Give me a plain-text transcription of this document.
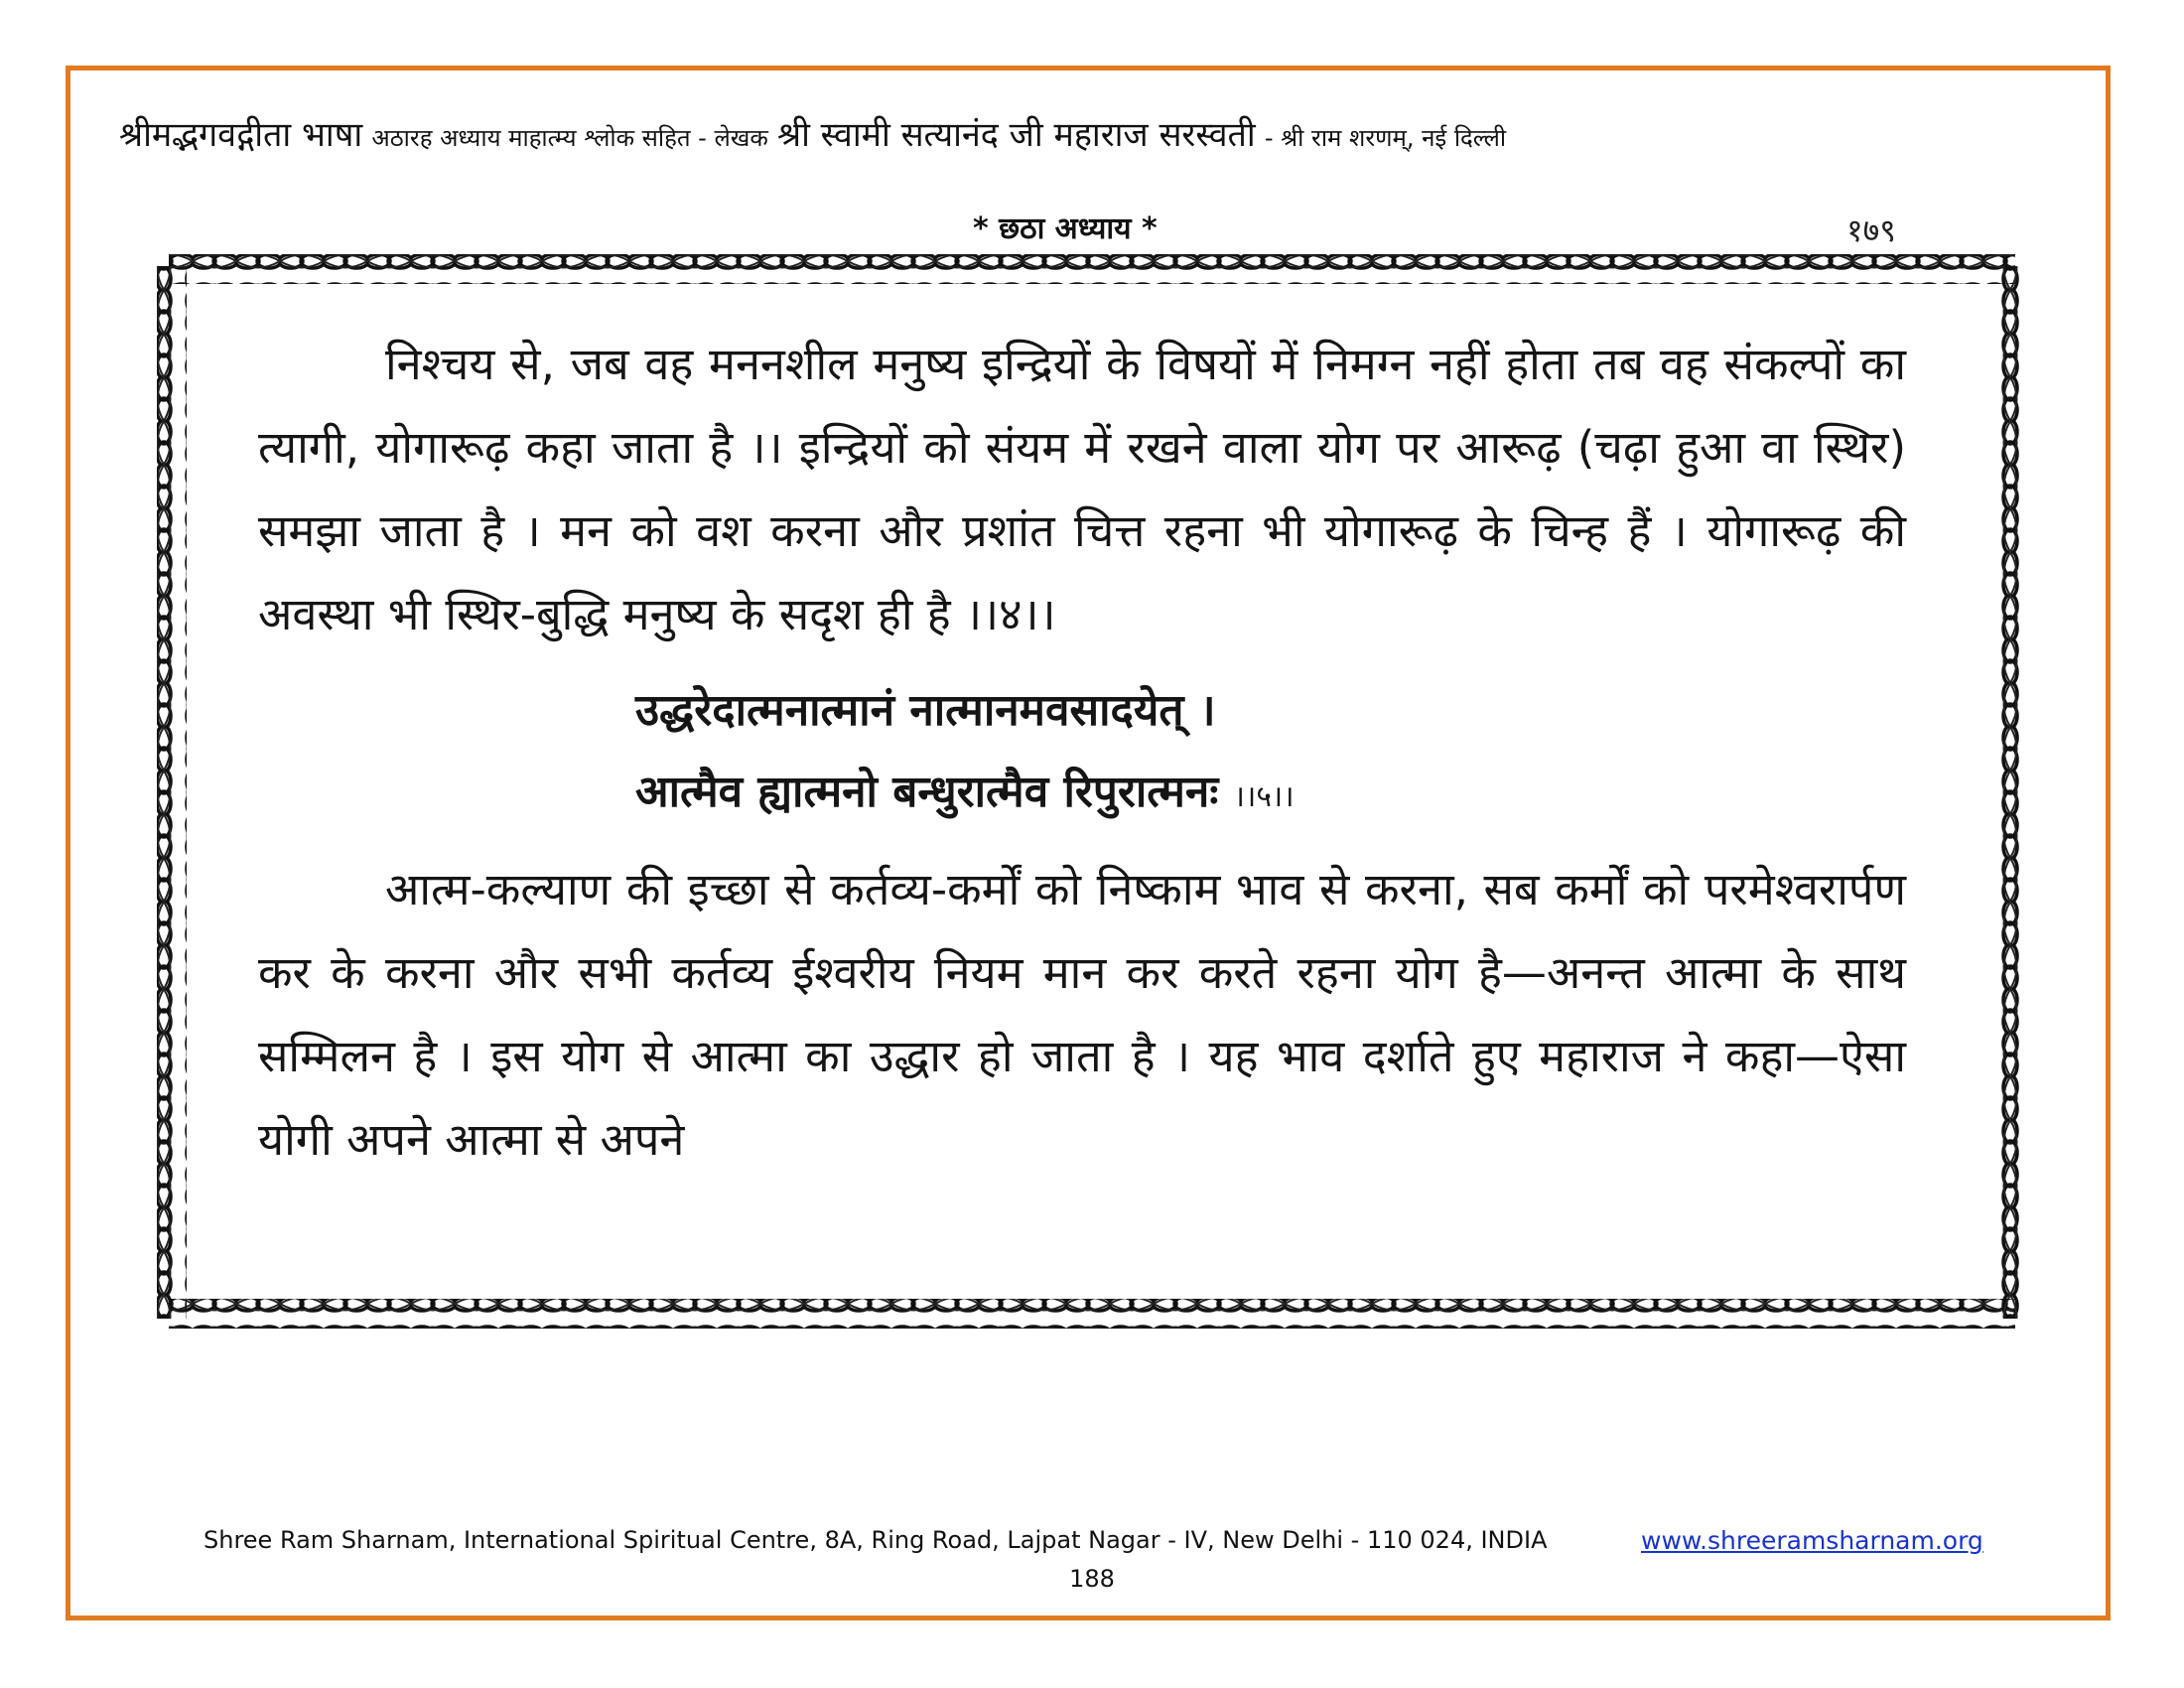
श्रीमद्भगवद्गीता भाषा अठारह अध्याय माहात्म्य श्लोक सहित - लेखक श्री स्वामी सत्यानंद जी महाराज सरस्वती - श्री राम शरणम्, नई दिल्ली
* छठा अध्याय *	१७९

निश्चय से, जब वह मननशील मनुष्य इन्द्रियों के विषयों में निमग्न नहीं होता तब वह संकल्पों का त्यागी, योगारूढ़ कहा जाता है ।। इन्द्रियों को संयम में रखने वाला योग पर आरूढ़ (चढ़ा हुआ वा स्थिर) समझा जाता है । मन को वश करना और प्रशांत चित्त रहना भी योगारूढ़ के चिन्ह हैं । योगारूढ़ की अवस्था भी स्थिर-बुद्धि मनुष्य के सदृश ही है ।।४।।

उद्धरेदात्मनात्मानं नात्मानमवसादयेत् ।

आत्मैव ह्यात्मनो बन्धुरात्मैव रिपुरात्मनः ।।५।।

आत्म-कल्याण की इच्छा से कर्तव्य-कर्मों को निष्काम भाव से करना, सब कर्मों को परमेश्वरार्पण कर के करना और सभी कर्तव्य ईश्वरीय नियम मान कर करते रहना योग है—अनन्त आत्मा के साथ सम्मिलन है । इस योग से आत्मा का उद्धार हो जाता है । यह भाव दर्शाते हुए महाराज ने कहा—ऐसा योगी अपने आत्मा से अपने

Shree Ram Sharnam, International Spiritual Centre, 8A, Ring Road, Lajpat Nagar - IV, New Delhi - 110 024, INDIA	www.shreeramsharnam.org
188
